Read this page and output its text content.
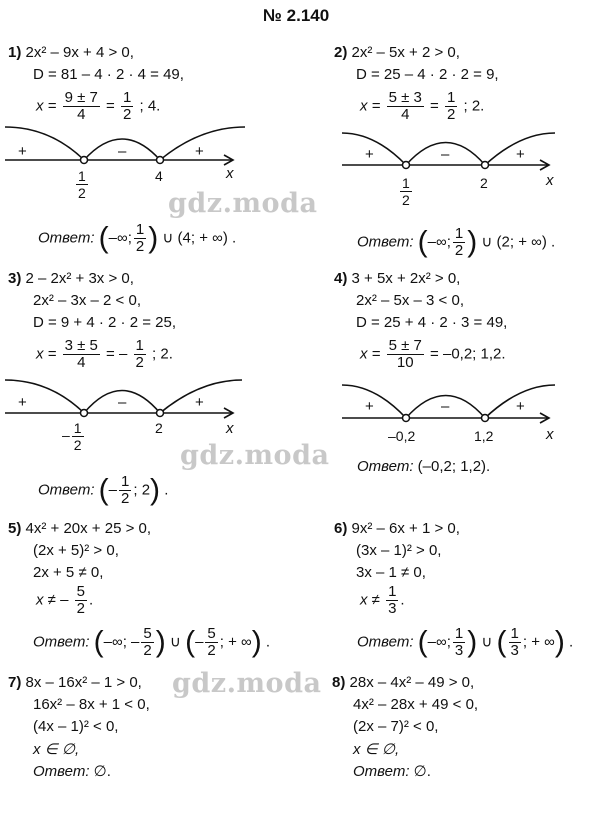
№ 2.140
1) 2x² – 9x + 4 > 0,
D = 81 – 4 · 2 · 4 = 49,
$x = \frac{9 \pm 7}{4} = \frac{1}{2}$ ; 4.
+	–	+
x
$\frac{1}{2}$	4
Ответ: (–∞; $\frac{1}{2}$ ) ∪ (4; + ∞) .
2) 2x² – 5x + 2 > 0,
D = 25 – 4 · 2 · 2 = 9,
$x = \frac{5 \pm 3}{4} = \frac{1}{2}$ ; 2.
+	–	+
x
$\frac{1}{2}$	2
Ответ: (–∞; $\frac{1}{2}$ ) ∪ (2; + ∞) .
gdz.moda
3) 2 – 2x² + 3x > 0,
2x² – 3x – 2 < 0,
D = 9 + 4 · 2 · 2 = 25,
$x = \frac{3 \pm 5}{4}$ = – $\frac{1}{2}$ ; 2.
+	–	+
x
– $\frac{1}{2}$	2
Ответ: (– $\frac{1}{2}$ ; 2) .
4) 3 + 5x + 2x² > 0,
2x² – 5x – 3 < 0,
D = 25 + 4 · 2 · 3 = 49,
$x = \frac{5 \pm 7}{10} = -0,2$; 1,2.
+	–	+
x
–0,2	1,2
Ответ: (–0,2; 1,2).
gdz.moda
5) 4x² + 20x + 25 > 0,
(2x + 5)² > 0,
2x + 5 ≠ 0,
x ≠ – $\frac{5}{2}$ .
Ответ: (–∞; – $\frac{5}{2}$ ) ∪ (– $\frac{5}{2}$ ; + ∞) .
6) 9x² – 6x + 1 > 0,
(3x – 1)² > 0,
3x – 1 ≠ 0,
$x \ne \frac{1}{3}$ .
Ответ: (–∞; $\frac{1}{3}$ ) ∪ ( $\frac{1}{3}$ ; + ∞) .
gdz.moda
7) 8x – 16x² – 1 > 0,
16x² – 8x + 1 < 0,
(4x – 1)² < 0,
x ∈ ∅,
Ответ: ∅.
8) 28x – 4x² – 49 > 0,
4x² – 28x + 49 < 0,
(2x – 7)² < 0,
x ∈ ∅,
Ответ: ∅.
